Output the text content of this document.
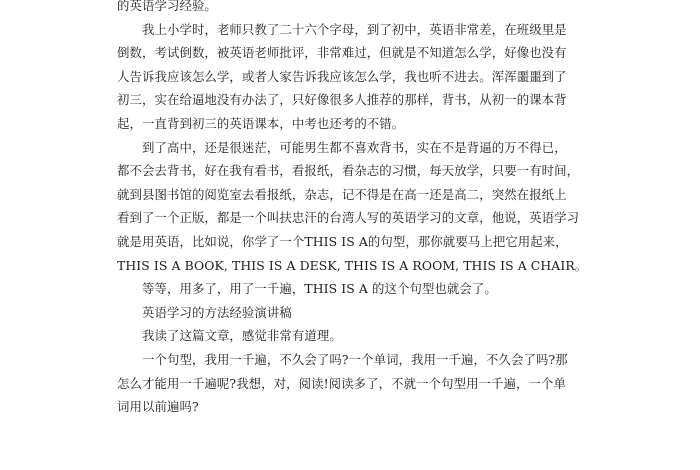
的英语学习经验。
我上小学时，老师只教了二十六个字母，到了初中，英语非常差，在班级里是
倒数，考试倒数，被英语老师批评，非常难过，但就是不知道怎么学，好像也没有
人告诉我应该怎么学，或者人家告诉我应该怎么学，我也听不进去。浑浑噩噩到了
初三，实在给逼地没有办法了，只好像很多人推荐的那样，背书，从初一的课本背
起，一直背到初三的英语课本，中考也还考的不错。
到了高中，还是很迷茫，可能男生都不喜欢背书，实在不是背逼的万不得已，
都不会去背书，好在我有看书，看报纸，看杂志的习惯，每天放学，只要一有时间，
就到县图书馆的阅览室去看报纸，杂志，记不得是在高一还是高二，突然在报纸上
看到了一个正版，都是一个叫扶忠汗的台湾人写的英语学习的文章，他说，英语学习
就是用英语，比如说，你学了一个THIS IS A的句型，那你就要马上把它用起来，
THIS IS A BOOK, THIS IS A DESK, THIS IS A ROOM, THIS IS A CHAIR。
等等，用多了，用了一千遍，THIS IS A 的这个句型也就会了。
英语学习的方法经验演讲稿
我读了这篇文章，感觉非常有道理。
一个句型，我用一千遍，不久会了吗?一个单词，我用一千遍，不久会了吗?那
怎么才能用一千遍呢?我想，对，阅读!阅读多了，不就一个句型用一千遍，一个单
词用以前遍吗?
